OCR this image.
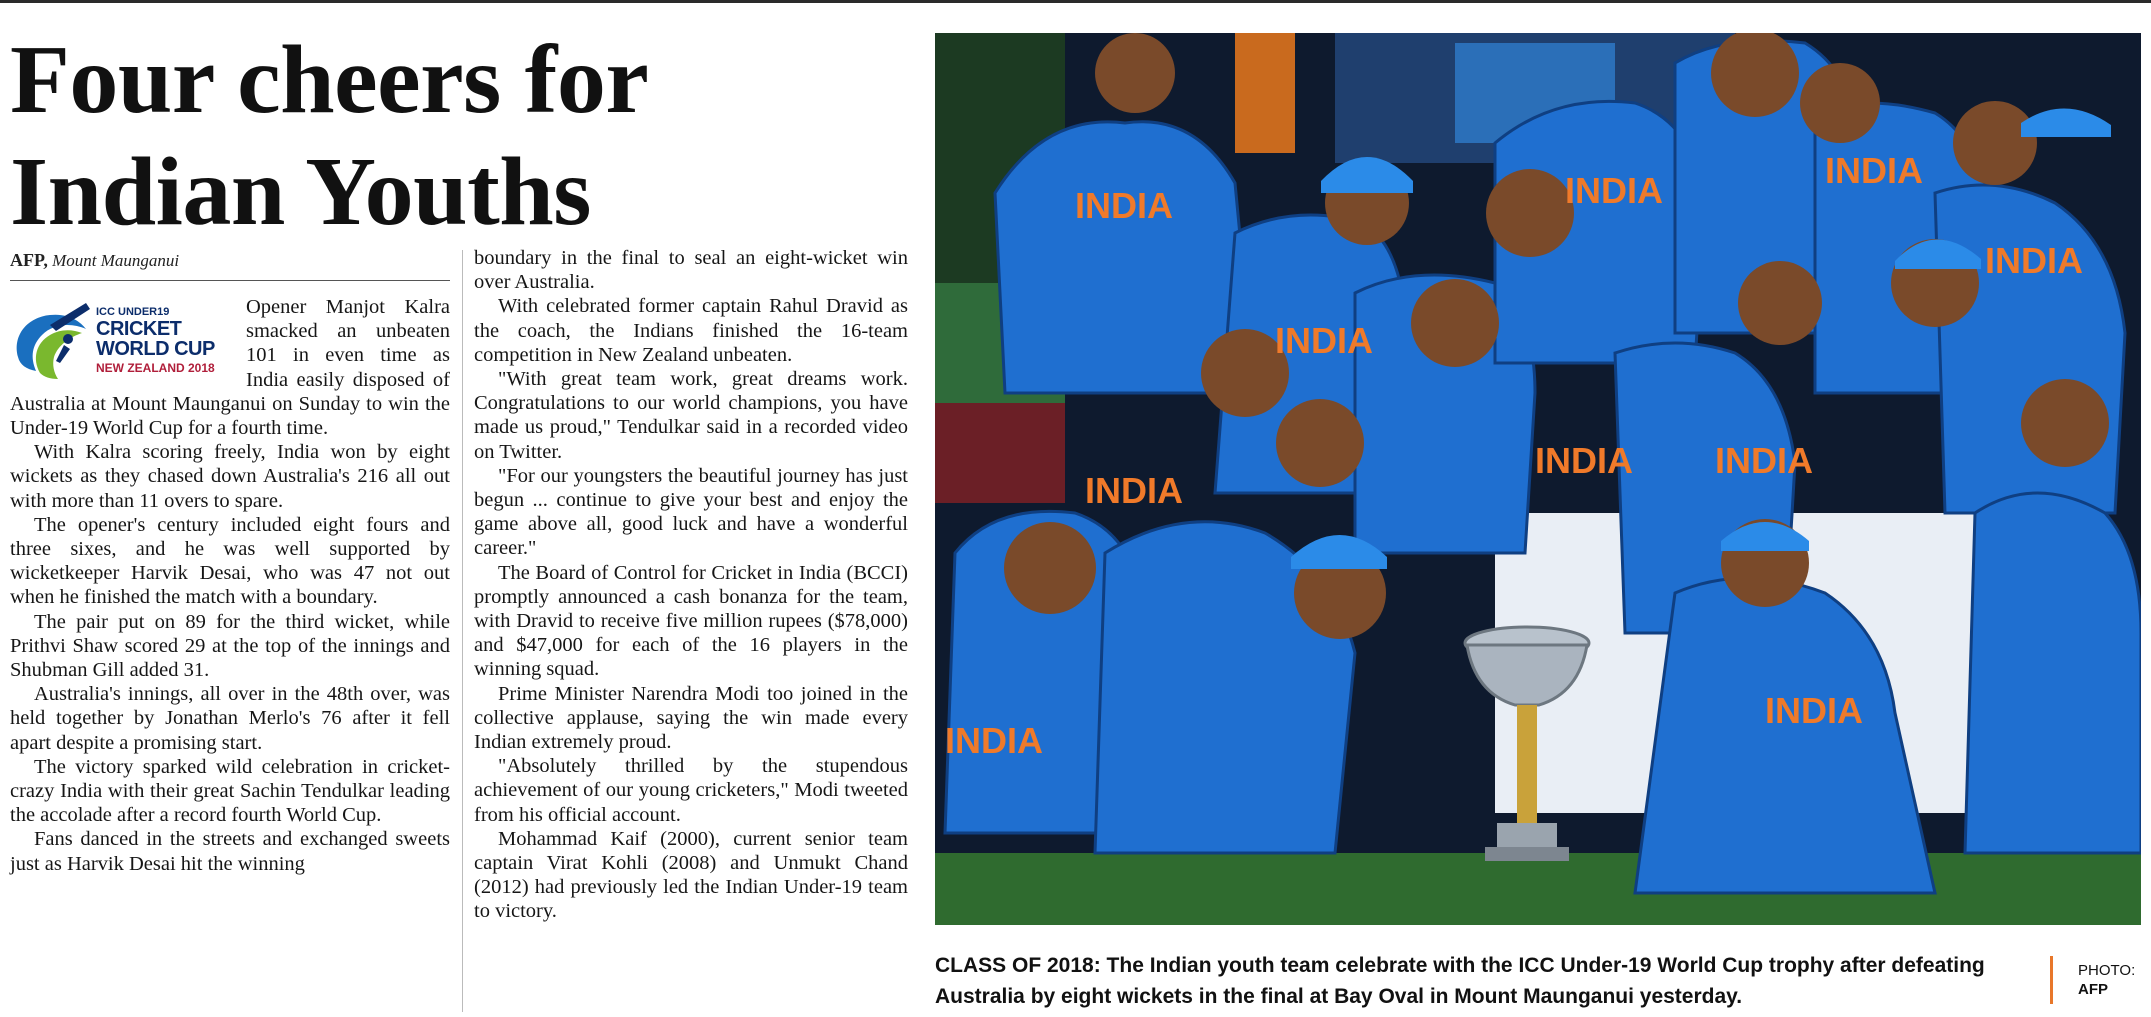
Four cheers for
Indian Youths
AFP, Mount Maunganui

Opener Manjot Kalra smacked an unbeaten 101 in even time as India easily disposed of Australia at Mount Maunganui on Sunday to win the Under-19 World Cup for a fourth time.

With Kalra scoring freely, India won by eight wickets as they chased down Australia's 216 all out with more than 11 overs to spare.

The opener's century included eight fours and three sixes, and he was well supported by wicketkeeper Harvik Desai, who was 47 not out when he finished the match with a boundary.

The pair put on 89 for the third wicket, while Prithvi Shaw scored 29 at the top of the innings and Shubman Gill added 31.

Australia's innings, all over in the 48th over, was held together by Jonathan Merlo's 76 after it fell apart despite a promising start.

The victory sparked wild celebration in cricket-crazy India with their great Sachin Tendulkar leading the accolade after a record fourth World Cup.

Fans danced in the streets and exchanged sweets just as Harvik Desai hit the winning

ICC UNDER19
CRICKET
WORLD CUP
NEW ZEALAND 2018

boundary in the final to seal an eight-wicket win over Australia.

With celebrated former captain Rahul Dravid as the coach, the Indians finished the 16-team competition in New Zealand unbeaten.

"With great team work, great dreams work. Congratulations to our world champions, you have made us proud," Tendulkar said in a recorded video on Twitter.

"For our youngsters the beautiful journey has just begun ... continue to give your best and enjoy the game above all, good luck and have a wonderful career."

The Board of Control for Cricket in India (BCCI) promptly announced a cash bonanza for the team, with Dravid to receive five million rupees ($78,000) and $47,000 for each of the 16 players in the winning squad.

Prime Minister Narendra Modi too joined in the collective applause, saying the win made every Indian extremely proud.

"Absolutely thrilled by the stupendous achievement of our young cricketers," Modi tweeted from his official account.

Mohammad Kaif (2000), current senior team captain Virat Kohli (2008) and Unmukt Chand (2012) had previously led the Indian Under-19 team to victory.

INDIA
INDIA
INDIA
INDIA INDIA
INDIA
INDIA
INDIA
INDIA	INDIA
CLASS OF 2018: The Indian youth team celebrate with the ICC Under-19 World Cup trophy after defeating Australia by eight wickets in the final at Bay Oval in Mount Maunganui yesterday.
PHOTO:
AFP
